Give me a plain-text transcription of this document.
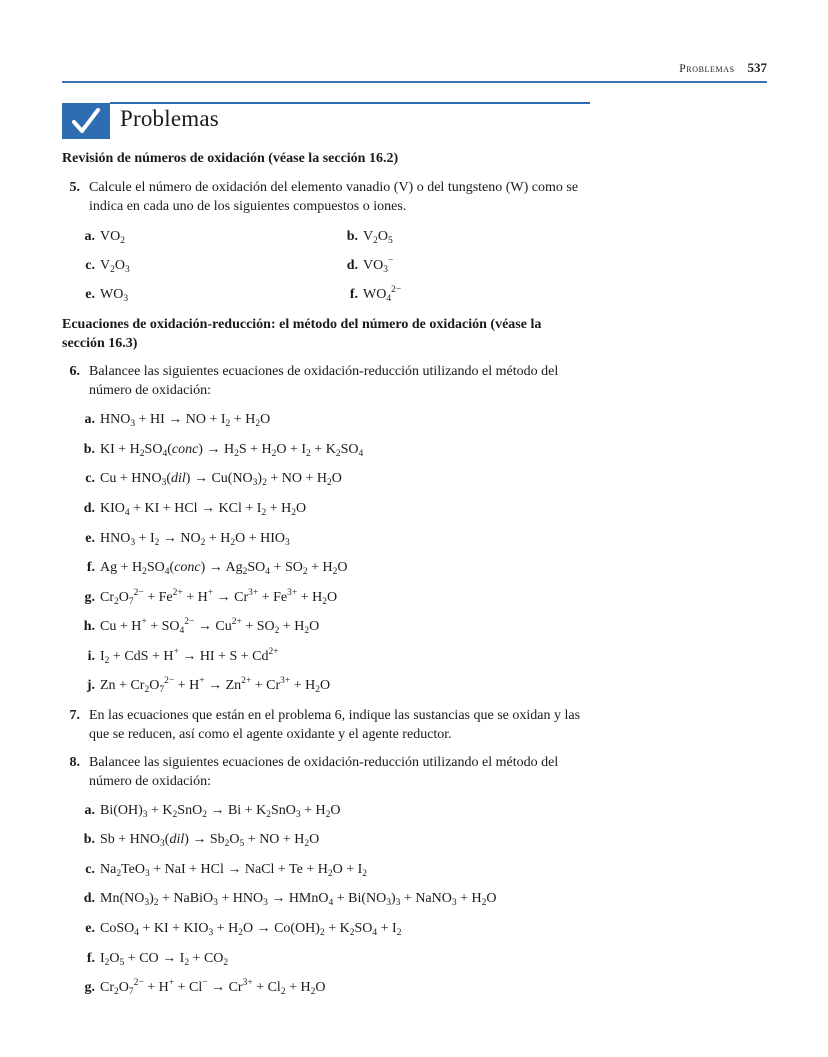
Problemas 537
Problemas
Revisión de números de oxidación (véase la sección 16.2)
5. Calcule el número de oxidación del elemento vanadio (V) o del tungsteno (W) como se indica en cada uno de los siguientes compuestos o iones.
a. $VO_2$	b. $V_2O_5$
c. $V_2O_3$	d. $VO_3^-$
e. $WO_3$	f. $WO_4^{2-}$
Ecuaciones de oxidación-reducción: el método del número de oxidación (véase la sección 16.3)
6. Balancee las siguientes ecuaciones de oxidación-reducción utilizando el método del número de oxidación:
a. $HNO_3$ + HI → NO + $I_2 + H_2O$
b. KI + $H_2SO_4(conc) \to H_2S + H_2O + I_2 + K_2SO_4$
c. $Cu + HNO_3(dil) \to Cu(NO_3)_2$ + NO + $H_2O$
d. $KIO_4$ + KI + HCl → KCl + $I_2 + H_2O$
e. $HNO_3 + I_2 \to NO_2 + H_2O + HIO_3$
f. $Ag + H_2SO_4(conc) \to Ag_2SO_4 + SO_2 + H_2O$
g. $Cr_2O_7^{2-} + Fe^{2+} + H^+ \to Cr^{3+} + Fe^{3+} + H_2O$
h. $Cu + H^+ + SO_4^{2-} \to Cu^{2+} + SO_2 + H_2O$
i. $I_2$ + CdS + H+ → HI + $S + Cd^{2+}$
j. $Zn + Cr_2O_7^{2-} + H^+ \to Zn^{2+} + Cr^{3+} + H_2O$
7. En las ecuaciones que están en el problema 6, indique las sustancias que se oxidan y las que se reducen, así como el agente oxidante y el agente reductor.
8. Balancee las siguientes ecuaciones de oxidación-reducción utilizando el método del número de oxidación:
a. $Bi(OH)_3 + K_2SnO_2 \to Bi + K_2SnO_3 + H_2O$
b. $Sb + HNO_3(dil) \to Sb_2O_5$ + NO + $H_2O$
c. $Na_2TeO_3$ + NaI + HCl → NaCl + $Te + H_2O + I_2$
d. $Mn(NO_3)_2$ + NaBiO$_3$ + $HNO_3$ → HMnO$_4$ + $Bi(NO_3)_3$ + NaNO$_3$ + $H_2O$
e. CoSO$_4$ + KI + $KIO_3 + H_2O \to Co(OH)_2 + K_2SO_4 + I_2$
f. $I_2O_5$ + CO → $I_2 + CO_2$
g. $Cr_2O_7^{2-} + H^+ + Cl^- \to Cr^{3+} + Cl_2 + H_2O$
